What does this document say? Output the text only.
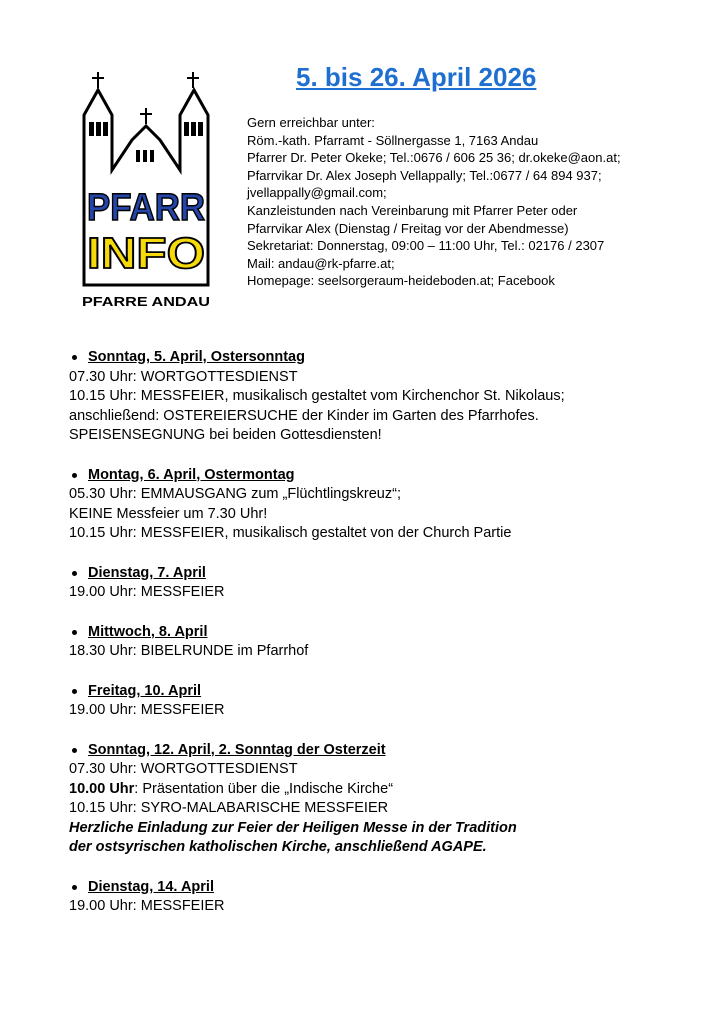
PFARR
INFO
PFARRE ANDAU
5. bis 26. April 2026
Gern erreichbar unter:
Röm.-kath. Pfarramt - Söllnergasse 1, 7163 Andau
Pfarrer Dr. Peter Okeke; Tel.:0676 / 606 25 36; dr.okeke@aon.at;
Pfarrvikar Dr. Alex Joseph Vellappally; Tel.:0677 / 64 894 937;
jvellappally@gmail.com;
Kanzleistunden nach Vereinbarung mit Pfarrer Peter oder
Pfarrvikar Alex (Dienstag / Freitag vor der Abendmesse)
Sekretariat: Donnerstag, 09:00 – 11:00 Uhr, Tel.: 02176 / 2307
Mail: andau@rk-pfarre.at;
Homepage: seelsorgeraum-heideboden.at; Facebook
Sonntag, 5. April, Ostersonntag
07.30 Uhr: WORTGOTTESDIENST
10.15 Uhr: MESSFEIER, musikalisch gestaltet vom Kirchenchor St. Nikolaus;
anschließend: OSTEREIERSUCHE der Kinder im Garten des Pfarrhofes.
SPEISENSEGNUNG bei beiden Gottesdiensten!
Montag, 6. April, Ostermontag
05.30 Uhr: EMMAUSGANG zum „Flüchtlingskreuz“;
KEINE Messfeier um 7.30 Uhr!
10.15 Uhr: MESSFEIER, musikalisch gestaltet von der Church Partie
Dienstag, 7. April
19.00 Uhr: MESSFEIER
Mittwoch, 8. April
18.30 Uhr: BIBELRUNDE im Pfarrhof
Freitag, 10. April
19.00 Uhr: MESSFEIER
Sonntag, 12. April, 2. Sonntag der Osterzeit
07.30 Uhr: WORTGOTTESDIENST
10.00 Uhr: Präsentation über die „Indische Kirche“
10.15 Uhr: SYRO-MALABARISCHE MESSFEIER
Herzliche Einladung zur Feier der Heiligen Messe in der Tradition
der ostsyrischen katholischen Kirche, anschließend AGAPE.
Dienstag, 14. April
19.00 Uhr: MESSFEIER
